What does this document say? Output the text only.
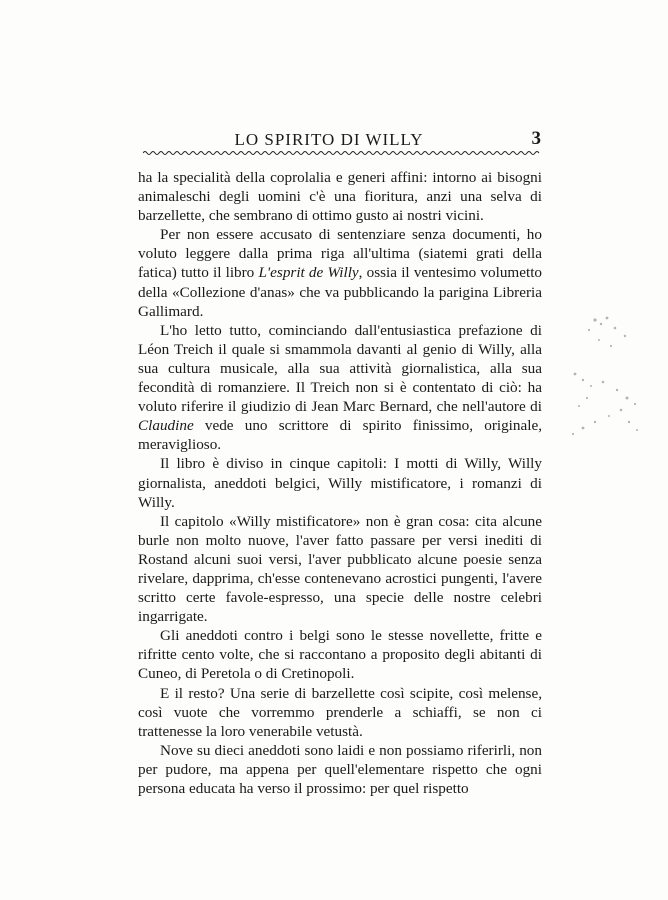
LO SPIRITO DI WILLY	3

ha la specialità della coprolalia e generi affini: intorno ai bisogni animaleschi degli uomini c'è una fioritura, anzi una selva di barzellette, che sembrano di ottimo gusto ai nostri vicini.

Per non essere accusato di sentenziare senza documenti, ho voluto leggere dalla prima riga all'ultima (siatemi grati della fatica) tutto il libro L'esprit de Willy, ossia il ventesimo volumetto della «Collezione d'anas» che va pubblicando la parigina Libreria Gallimard.

L'ho letto tutto, cominciando dall'entusiastica prefazione di Léon Treich il quale si smammola davanti al genio di Willy, alla sua cultura musicale, alla sua attività giornalistica, alla sua fecondità di romanziere. Il Treich non si è contentato di ciò: ha voluto riferire il giudizio di Jean Marc Bernard, che nell'autore di Claudine vede uno scrittore di spirito finissimo, originale, meraviglioso.

Il libro è diviso in cinque capitoli: I motti di Willy, Willy giornalista, aneddoti belgici, Willy mistificatore, i romanzi di Willy.

Il capitolo «Willy mistificatore» non è gran cosa: cita alcune burle non molto nuove, l'aver fatto passare per versi inediti di Rostand alcuni suoi versi, l'aver pubblicato alcune poesie senza rivelare, dapprima, ch'esse contenevano acrostici pungenti, l'avere scritto certe favole-espresso, una specie delle nostre celebri ingarrigate.

Gli aneddoti contro i belgi sono le stesse novellette, fritte e rifritte cento volte, che si raccontano a proposito degli abitanti di Cuneo, di Peretola o di Cretinopoli.

E il resto? Una serie di barzellette così scipite, così melense, così vuote che vorremmo prenderle a schiaffi, se non ci trattenesse la loro venerabile vetustà.

Nove su dieci aneddoti sono laidi e non possiamo riferirli, non per pudore, ma appena per quell'elementare rispetto che ogni persona educata ha verso il prossimo: per quel rispetto
